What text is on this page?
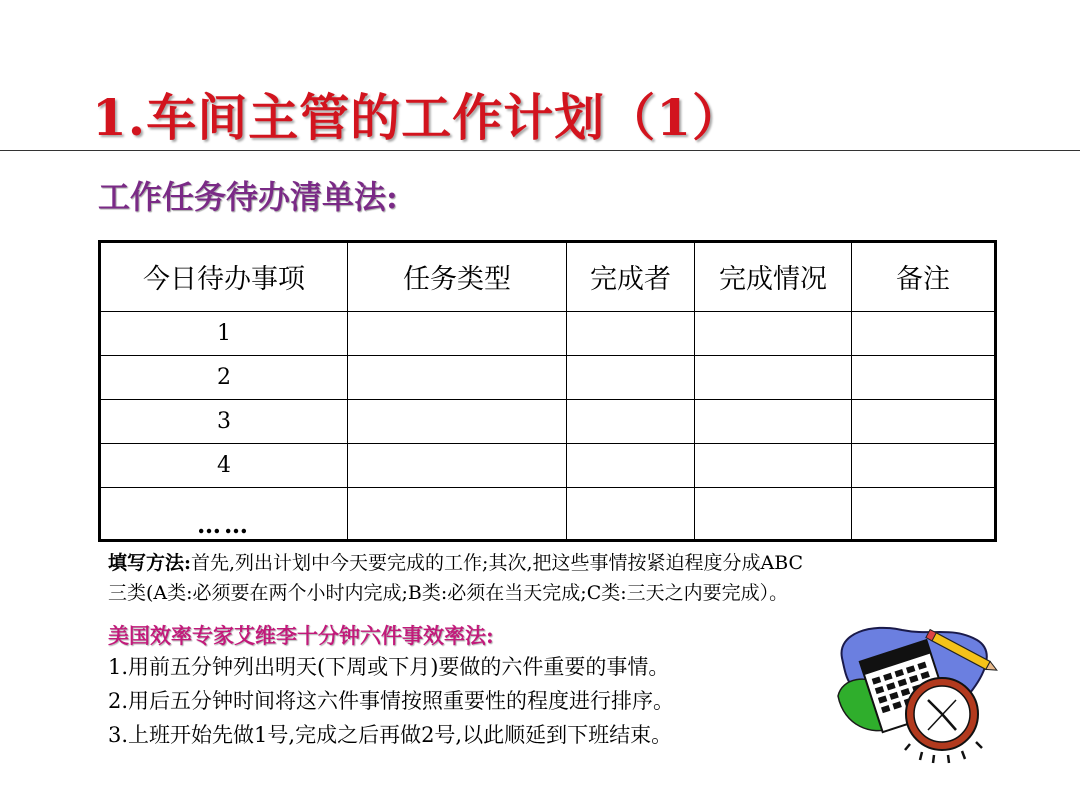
1.车间主管的工作计划（1）
工作任务待办清单法:
今日待办事项	任务类型	完成者	完成情况	备注
1				
2				
3				
4				
……				
填写方法:首先,列出计划中今天要完成的工作;其次,把这些事情按紧迫程度分成ABC
三类(A类:必须要在两个小时内完成;B类:必须在当天完成;C类:三天之内要完成）。
美国效率专家艾维李十分钟六件事效率法:
1.用前五分钟列出明天(下周或下月)要做的六件重要的事情。
2.用后五分钟时间将这六件事情按照重要性的程度进行排序。
3.上班开始先做1号,完成之后再做2号,以此顺延到下班结束。
